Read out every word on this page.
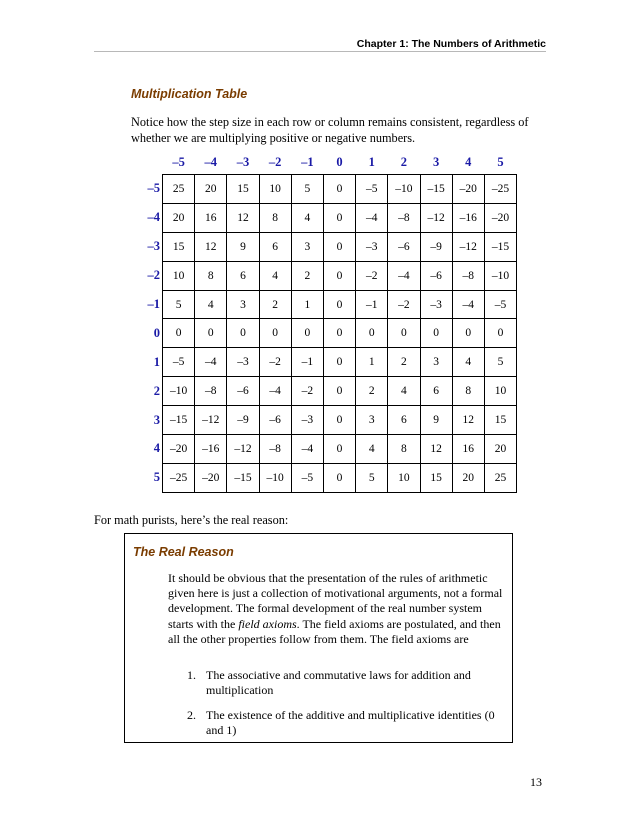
Chapter 1: The Numbers of Arithmetic
Multiplication Table
Notice how the step size in each row or column remains consistent, regardless of whether we are multiplying positive or negative numbers.
	–5	–4	–3	–2	–1	0	1	2	3	4	5
–5	25	20	15	10	5	0	–5	–10	–15	–20	–25
–4	20	16	12	8	4	0	–4	–8	–12	–16	–20
–3	15	12	9	6	3	0	–3	–6	–9	–12	–15
–2	10	8	6	4	2	0	–2	–4	–6	–8	–10
–1	5	4	3	2	1	0	–1	–2	–3	–4	–5
0	0	0	0	0	0	0	0	0	0	0	0
1	–5	–4	–3	–2	–1	0	1	2	3	4	5
2	–10	–8	–6	–4	–2	0	2	4	6	8	10
3	–15	–12	–9	–6	–3	0	3	6	9	12	15
4	–20	–16	–12	–8	–4	0	4	8	12	16	20
5	–25	–20	–15	–10	–5	0	5	10	15	20	25
For math purists, here’s the real reason:
The Real Reason
It should be obvious that the presentation of the rules of arithmetic given here is just a collection of motivational arguments, not a formal development. The formal development of the real number system starts with the field axioms. The field axioms are postulated, and then all the other properties follow from them. The field axioms are
1. The associative and commutative laws for addition and multiplication
2. The existence of the additive and multiplicative identities (0 and 1)
13
